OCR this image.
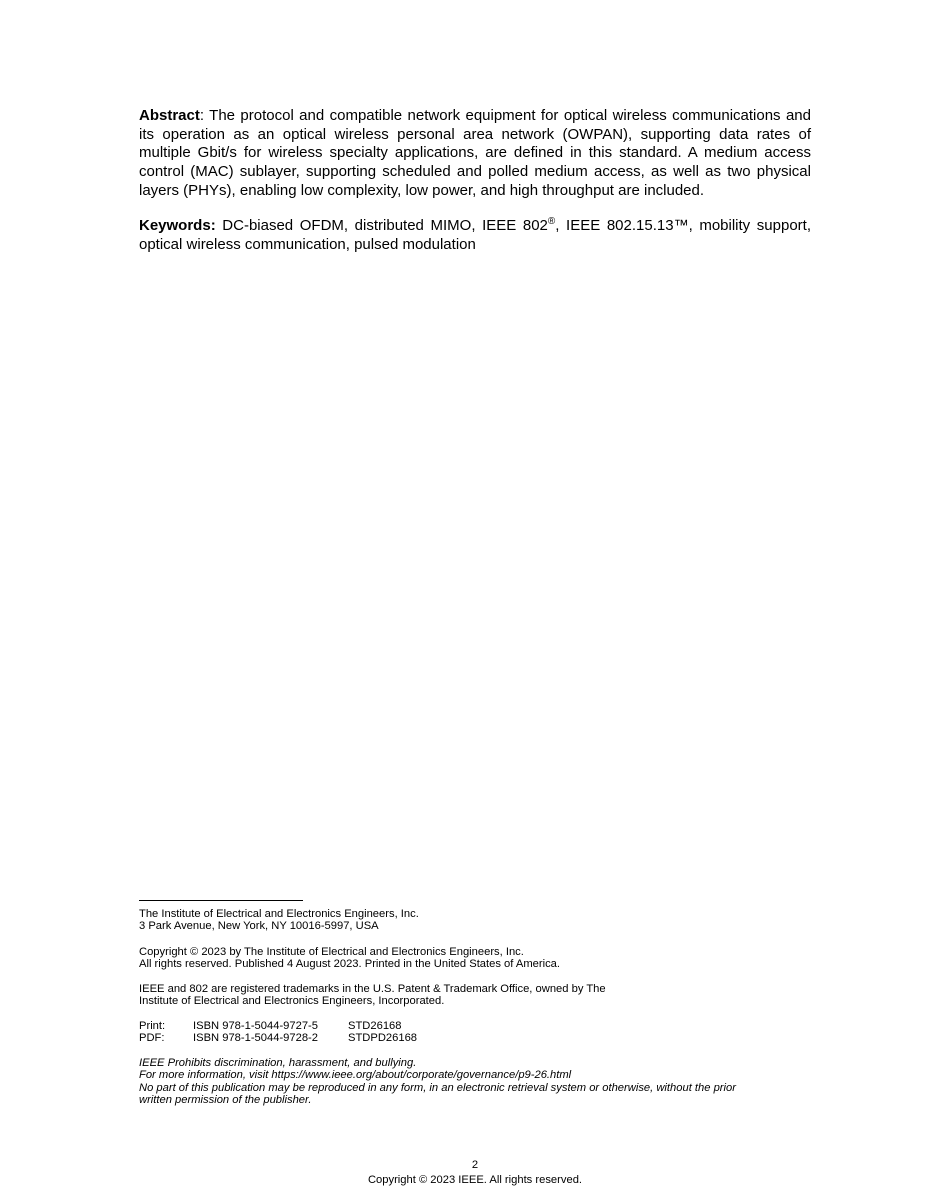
Abstract: The protocol and compatible network equipment for optical wireless communications and its operation as an optical wireless personal area network (OWPAN), supporting data rates of multiple Gbit/s for wireless specialty applications, are defined in this standard. A medium access control (MAC) sublayer, supporting scheduled and polled medium access, as well as two physical layers (PHYs), enabling low complexity, low power, and high throughput are included.

Keywords: DC-biased OFDM, distributed MIMO, IEEE 802®, IEEE 802.15.13™, mobility support, optical wireless communication, pulsed modulation

The Institute of Electrical and Electronics Engineers, Inc.
3 Park Avenue, New York, NY 10016-5997, USA
Copyright © 2023 by The Institute of Electrical and Electronics Engineers, Inc.
All rights reserved. Published 4 August 2023. Printed in the United States of America.
IEEE and 802 are registered trademarks in the U.S. Patent & Trademark Office, owned by The
Institute of Electrical and Electronics Engineers, Incorporated.
Print: ISBN 978-1-5044-9727-5	STD26168
PDF:	ISBN 978-1-5044-9728-2	STDPD26168
IEEE Prohibits discrimination, harassment, and bullying.
For more information, visit https://www.ieee.org/about/corporate/governance/p9-26.html
No part of this publication may be reproduced in any form, in an electronic retrieval system or otherwise, without the prior
written permission of the publisher.

2

Copyright © 2023 IEEE. All rights reserved.
